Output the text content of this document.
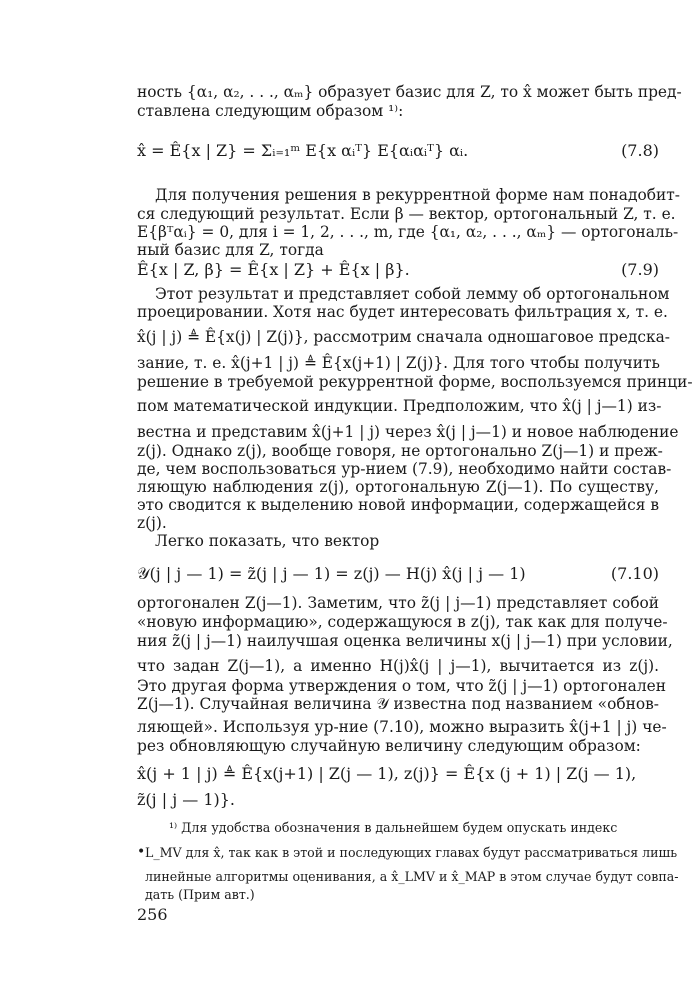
ность {α₁, α₂, . . ., αₘ} образует базис для Z, то x̂ может быть пред-
ставлена следующим образом ¹⁾:
x̂ = Ê{x | Z} = Σᵢ₌₁ᵐ E{x αᵢᵀ} E{αᵢαᵢᵀ} αᵢ.	(7.8)
Для получения решения в рекуррентной форме нам понадобит-
ся следующий результат. Если β — вектор, ортогональный Z, т. е.
E{βᵀαᵢ} = 0, для i = 1, 2, . . ., m, где {α₁, α₂, . . ., αₘ} — ортогональ-
ный базис для Z, тогда
Ê{x | Z, β} = Ê{x | Z} + Ê{x | β}.	(7.9)
Этот результат и представляет собой лемму об ортогональном
проецировании. Хотя нас будет интересовать фильтрация x, т. е.
x̂(j | j) ≜ Ê{x(j) | Z(j)}, рассмотрим сначала одношаговое предска-
зание, т. е. x̂(j+1 | j) ≜ Ê{x(j+1) | Z(j)}. Для того чтобы получить
решение в требуемой рекуррентной форме, воспользуемся принци-
пом математической индукции. Предположим, что x̂(j | j—1) из-
вестна и представим x̂(j+1 | j) через x̂(j | j—1) и новое наблюдение
z(j). Однако z(j), вообще говоря, не ортогонально Z(j—1) и преж-
де, чем воспользоваться ур-нием (7.9), необходимо найти состав-
ляющую наблюдения z(j), ортогональную Z(j—1). По существу,
это сводится к выделению новой информации, содержащейся в
z(j).
Легко показать, что вектор
𝒴(j | j — 1) = z̃(j | j — 1) = z(j) — H(j) x̂(j | j — 1)	(7.10)
ортогонален Z(j—1). Заметим, что z̃(j | j—1) представляет собой
«новую информацию», содержащуюся в z(j), так как для получе-
ния z̃(j | j—1) наилучшая оценка величины x(j | j—1) при условии,
что задан Z(j—1), а именно H(j)x̂(j | j—1), вычитается из z(j).
Это другая форма утверждения о том, что z̃(j | j—1) ортогонален
Z(j—1). Случайная величина 𝒴 известна под названием «обнов-
ляющей». Используя ур-ние (7.10), можно выразить x̂(j+1 | j) че-
рез обновляющую случайную величину следующим образом:
x̂(j + 1 | j) ≜ Ê{x(j+1) | Z(j — 1), z(j)} = Ê{x (j + 1) | Z(j — 1),
z̃(j | j — 1)}.
¹⁾ Для удобства обозначения в дальнейшем будем опускать индекс
L_MV для x̂, так как в этой и последующих главах будут рассматриваться лишь
линейные алгоритмы оценивания, а x̂_LMV и x̂_MAP в этом случае будут совпа-
дать (Прим авт.)
•
256
